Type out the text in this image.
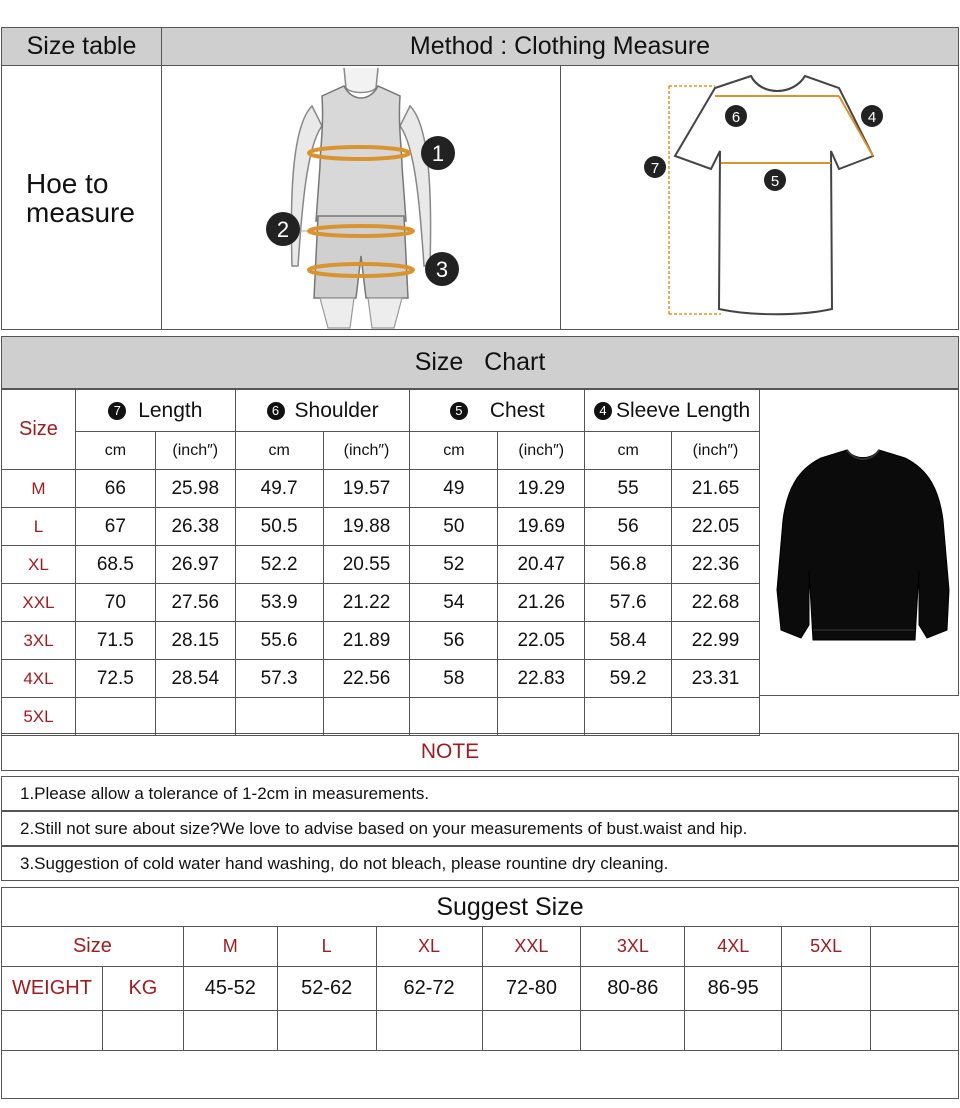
Size table	Method : Clothing Measure
Hoe to
measure
1
2
3
6	4
7
5
Size   Chart
Size	7 Length		6 Shoulder		5 Chest		4 Sleeve Length	
	cm	(inch″)	cm	(inch″)	cm	(inch″)	cm	(inch″)
M	66	25.98	49.7	19.57	49	19.29	55	21.65
L	67	26.38	50.5	19.88	50	19.69	56	22.05
XL	68.5	26.97	52.2	20.55	52	20.47	56.8	22.36
XXL	70	27.56	53.9	21.22	54	21.26	57.6	22.68
3XL	71.5	28.15	55.6	21.89	56	22.05	58.4	22.99
4XL	72.5	28.54	57.3	22.56	58	22.83	59.2	23.31
5XL								
NOTE
1.Please allow a tolerance of 1-2cm in measurements.
2.Still not sure about size?We love to advise based on your measurements of bust.waist and hip.
3.Suggestion of cold water hand washing, do not bleach, please rountine dry cleaning.
Suggest Size
Size		M	L	XL	XXL	3XL	4XL	5XL	
WEIGHT	KG	45-52	52-62	62-72	72-80	80-86	86-95		
